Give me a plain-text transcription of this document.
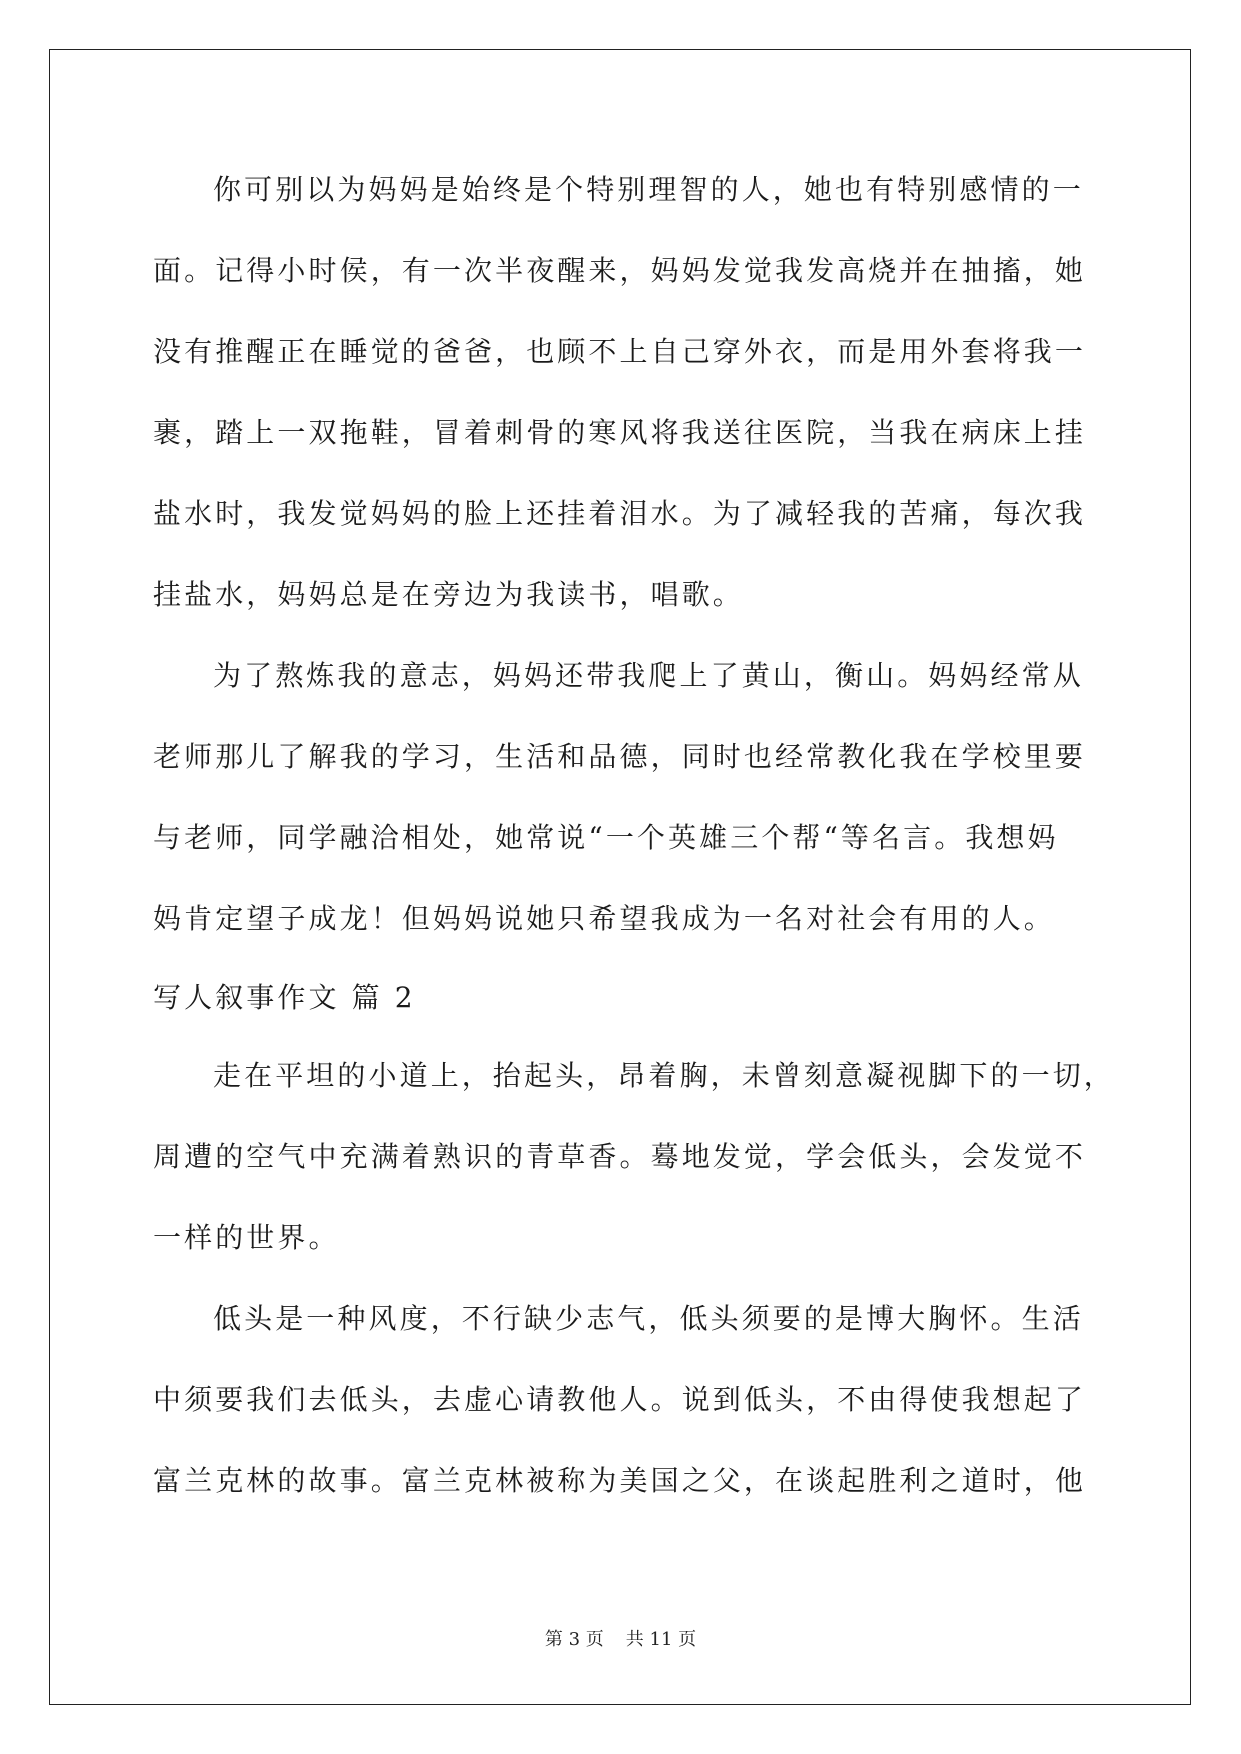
你可别以为妈妈是始终是个特别理智的人，她也有特别感情的一
面。记得小时侯，有一次半夜醒来，妈妈发觉我发高烧并在抽搐，她
没有推醒正在睡觉的爸爸，也顾不上自己穿外衣，而是用外套将我一
裹，踏上一双拖鞋，冒着刺骨的寒风将我送往医院，当我在病床上挂
盐水时，我发觉妈妈的脸上还挂着泪水。为了减轻我的苦痛，每次我
挂盐水，妈妈总是在旁边为我读书，唱歌。
为了熬炼我的意志，妈妈还带我爬上了黄山，衡山。妈妈经常从
老师那儿了解我的学习，生活和品德，同时也经常教化我在学校里要
与老师，同学融洽相处，她常说“一个英雄三个帮“等名言。我想妈
妈肯定望子成龙！但妈妈说她只希望我成为一名对社会有用的人。
写人叙事作文 篇 2
走在平坦的小道上，抬起头，昂着胸，未曾刻意凝视脚下的一切，
周遭的空气中充满着熟识的青草香。蓦地发觉，学会低头，会发觉不
一样的世界。
低头是一种风度，不行缺少志气，低头须要的是博大胸怀。生活
中须要我们去低头，去虚心请教他人。说到低头，不由得使我想起了
富兰克林的故事。富兰克林被称为美国之父，在谈起胜利之道时，他
第 3 页 共 11 页
